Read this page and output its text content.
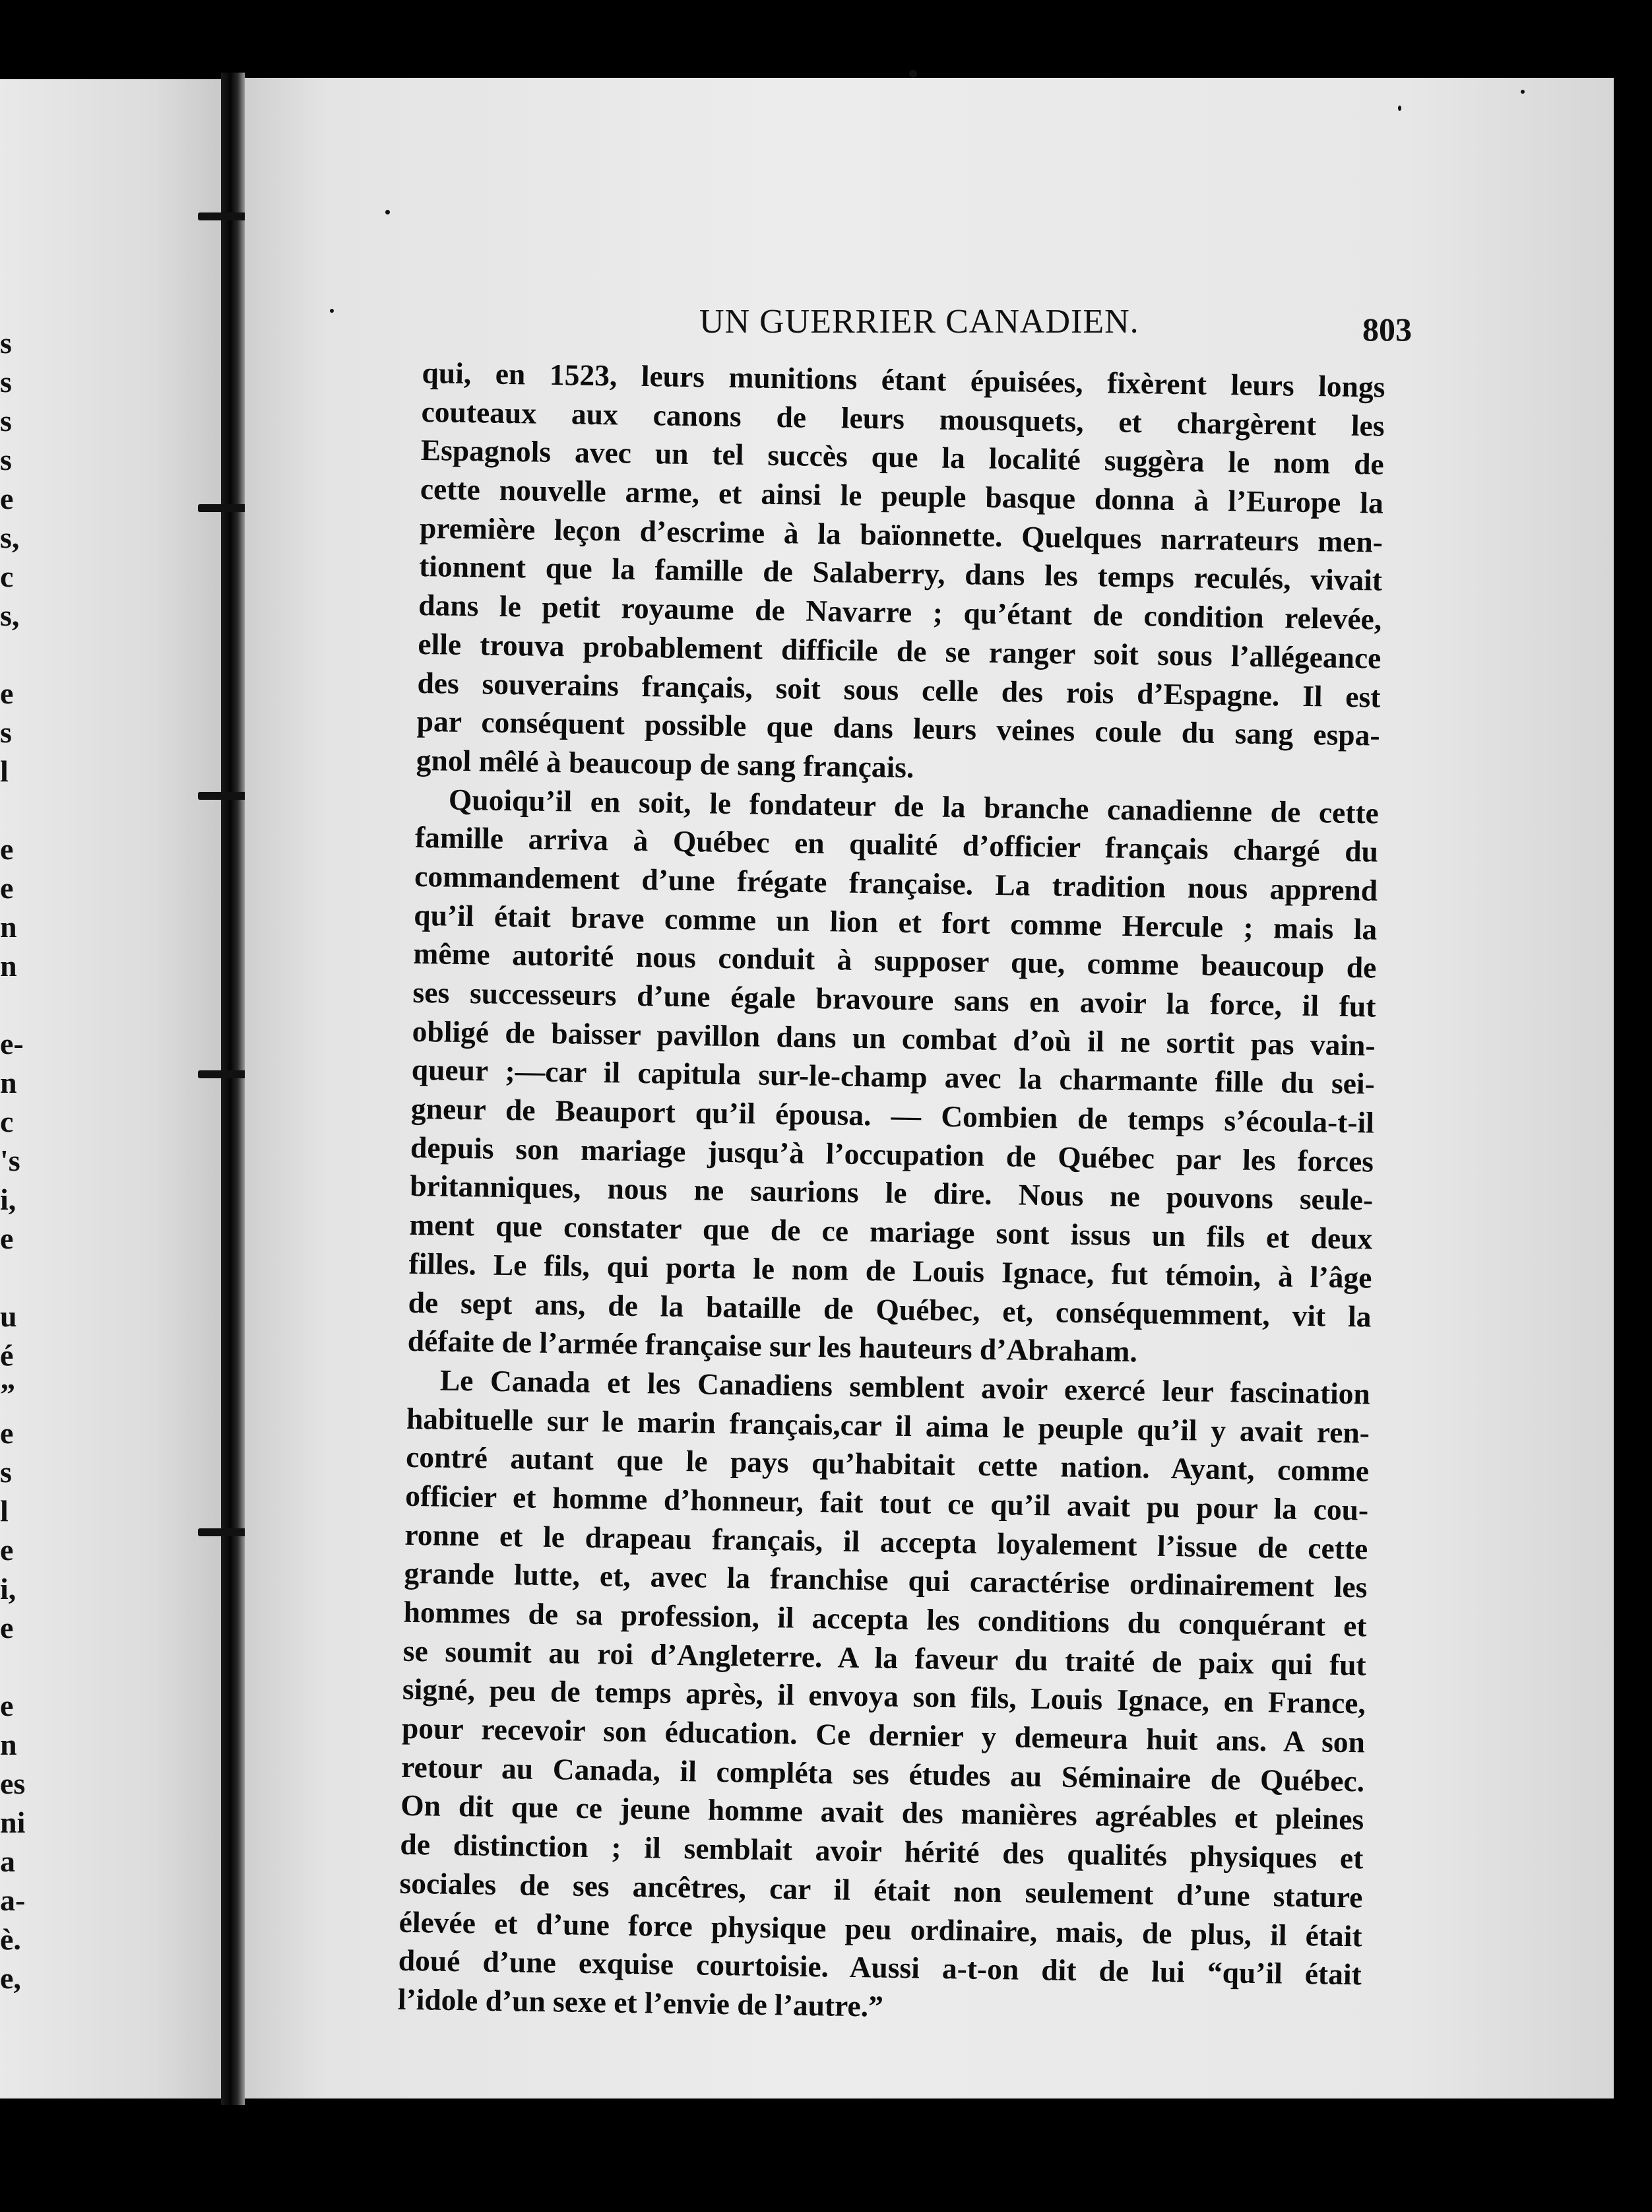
s
s
s
s
e
s,
c
s,
e
s
l
e
e
n
n
e-
n
c
's
i,
e
u
é
”
e
s
l
e
i,
e
e
n
es
ni
a
a-
è.
e,
UN GUERRIER CANADIEN.	803
qui, en 1523, leurs munitions étant épuisées, fixèrent leurs longs
couteaux aux canons de leurs mousquets, et chargèrent les
Espagnols avec un tel succès que la localité suggèra le nom de
cette nouvelle arme, et ainsi le peuple basque donna à l’Europe la
première leçon d’escrime à la baïonnette. Quelques narrateurs men-
tionnent que la famille de Salaberry, dans les temps reculés, vivait
dans le petit royaume de Navarre ; qu’étant de condition relevée,
elle trouva probablement difficile de se ranger soit sous l’allégeance
des souverains français, soit sous celle des rois d’Espagne. Il est
par conséquent possible que dans leurs veines coule du sang espa-
gnol mêlé à beaucoup de sang français.
Quoiqu’il en soit, le fondateur de la branche canadienne de cette
famille arriva à Québec en qualité d’officier français chargé du
commandement d’une frégate française. La tradition nous apprend
qu’il était brave comme un lion et fort comme Hercule ; mais la
même autorité nous conduit à supposer que, comme beaucoup de
ses successeurs d’une égale bravoure sans en avoir la force, il fut
obligé de baisser pavillon dans un combat d’où il ne sortit pas vain-
queur ;—car il capitula sur-le-champ avec la charmante fille du sei-
gneur de Beauport qu’il épousa. — Combien de temps s’écoula-t-il
depuis son mariage jusqu’à l’occupation de Québec par les forces
britanniques, nous ne saurions le dire. Nous ne pouvons seule-
ment que constater que de ce mariage sont issus un fils et deux
filles. Le fils, qui porta le nom de Louis Ignace, fut témoin, à l’âge
de sept ans, de la bataille de Québec, et, conséquemment, vit la
défaite de l’armée française sur les hauteurs d’Abraham.
Le Canada et les Canadiens semblent avoir exercé leur fascination
habituelle sur le marin français,car il aima le peuple qu’il y avait ren-
contré autant que le pays qu’habitait cette nation. Ayant, comme
officier et homme d’honneur, fait tout ce qu’il avait pu pour la cou-
ronne et le drapeau français, il accepta loyalement l’issue de cette
grande lutte, et, avec la franchise qui caractérise ordinairement les
hommes de sa profession, il accepta les conditions du conquérant et
se soumit au roi d’Angleterre. A la faveur du traité de paix qui fut
signé, peu de temps après, il envoya son fils, Louis Ignace, en France,
pour recevoir son éducation. Ce dernier y demeura huit ans. A son
retour au Canada, il compléta ses études au Séminaire de Québec.
On dit que ce jeune homme avait des manières agréables et pleines
de distinction ; il semblait avoir hérité des qualités physiques et
sociales de ses ancêtres, car il était non seulement d’une stature
élevée et d’une force physique peu ordinaire, mais, de plus, il était
doué d’une exquise courtoisie. Aussi a-t-on dit de lui “qu’il était
l’idole d’un sexe et l’envie de l’autre.”
